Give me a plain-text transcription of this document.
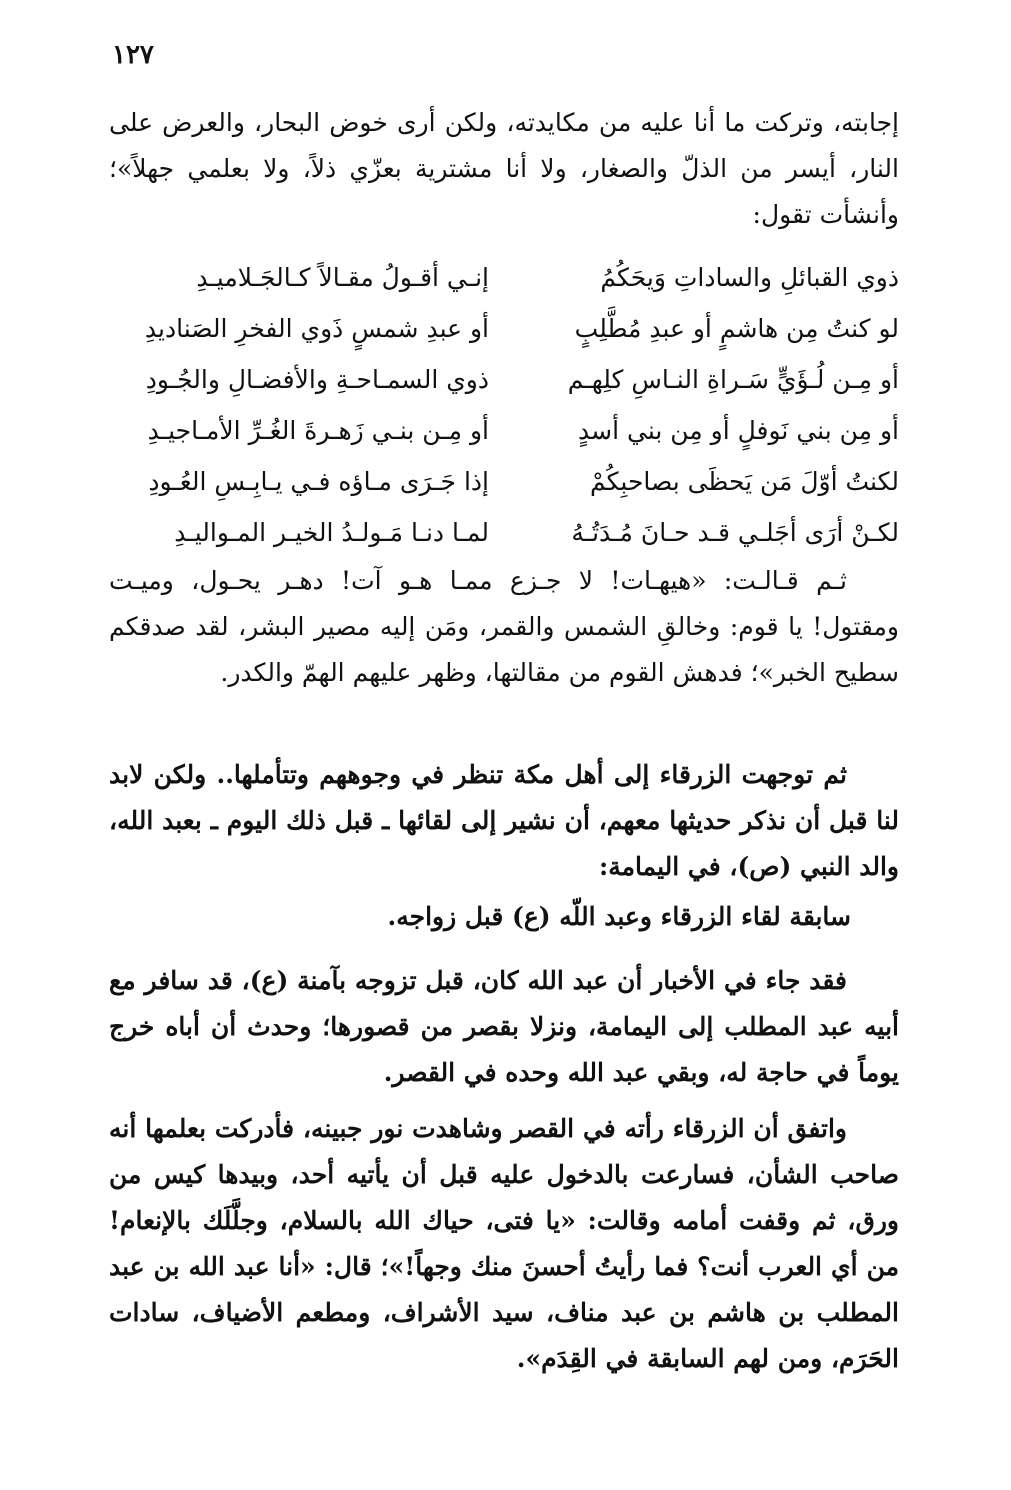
١٢٧

إجابته، وتركت ما أنا عليه من مكايدته، ولكن أرى خوض البحار، والعرض على النار، أيسر من الذلّ والصغار، ولا أنا مشترية بعزّي ذلاً، ولا بعلمي جهلاً»؛ وأنشأت تقول:

ذوي القبائلِ والساداتِ وَيحَكُمُ
إنـي أقـولُ مقـالاً كـالجَـلاميـدِ
لو كنتُ مِن هاشمٍ أو عبدِ مُطَّلِبٍ
أو عبدِ شمسٍ ذَوي الفخرِ الصَناديدِ
أو مِـن لُـؤَيٍّ سَـراةِ النـاسِ كلِهـم
ذوي السمـاحـةِ والأفضـالِ والجُـودِ
أو مِن بني نَوفلٍ أو مِن بني أسدٍ
أو مِـن بنـي زَهـرةَ الغُـرِّ الأمـاجيـدِ
لكنتُ أوّلَ مَن يَحظَى بصاحبِكُمْ
إذا جَـرَى مـاؤه فـي يـابِـسِ العُـودِ
لكـنْ أرَى أجَلـي قـد حـانَ مُـدَتُـهُ
لمـا دنـا مَـولـدُ الخيـر المـواليـدِ

ثـم قـالـت: «هيهـات! لا جـزع ممـا هـو آت! دهـر يحـول، وميـت ومقتول! يا قوم: وخالقِ الشمس والقمر، ومَن إليه مصير البشر، لقد صدقكم سطيح الخبر»؛ فدهش القوم من مقالتها، وظهر عليهم الهمّ والكدر.

ثم توجهت الزرقاء إلى أهل مكة تنظر في وجوههم وتتأملها.. ولكن لابد لنا قبل أن نذكر حديثها معهم، أن نشير إلى لقائها ـ قبل ذلك اليوم ـ بعبد الله، والد النبي (ص)، في اليمامة:

سابقة لقاء الزرقاء وعبد اللّه (ع) قبل زواجه.

فقد جاء في الأخبار أن عبد الله كان، قبل تزوجه بآمنة (ع)، قد سافر مع أبيه عبد المطلب إلى اليمامة، ونزلا بقصر من قصورها؛ وحدث أن أباه خرج يوماً في حاجة له، وبقي عبد الله وحده في القصر.

واتفق أن الزرقاء رأته في القصر وشاهدت نور جبينه، فأدركت بعلمها أنه صاحب الشأن، فسارعت بالدخول عليه قبل أن يأتيه أحد، وبيدها كيس من ورق، ثم وقفت أمامه وقالت: «يا فتى، حياك الله بالسلام، وجلَّلَك بالإنعام! من أي العرب أنت؟ فما رأيتُ أحسنَ منك وجهاً!»؛ قال: «أنا عبد الله بن عبد المطلب بن هاشم بن عبد مناف، سيد الأشراف، ومطعم الأضياف، سادات الحَرَم، ومن لهم السابقة في القِدَم».
